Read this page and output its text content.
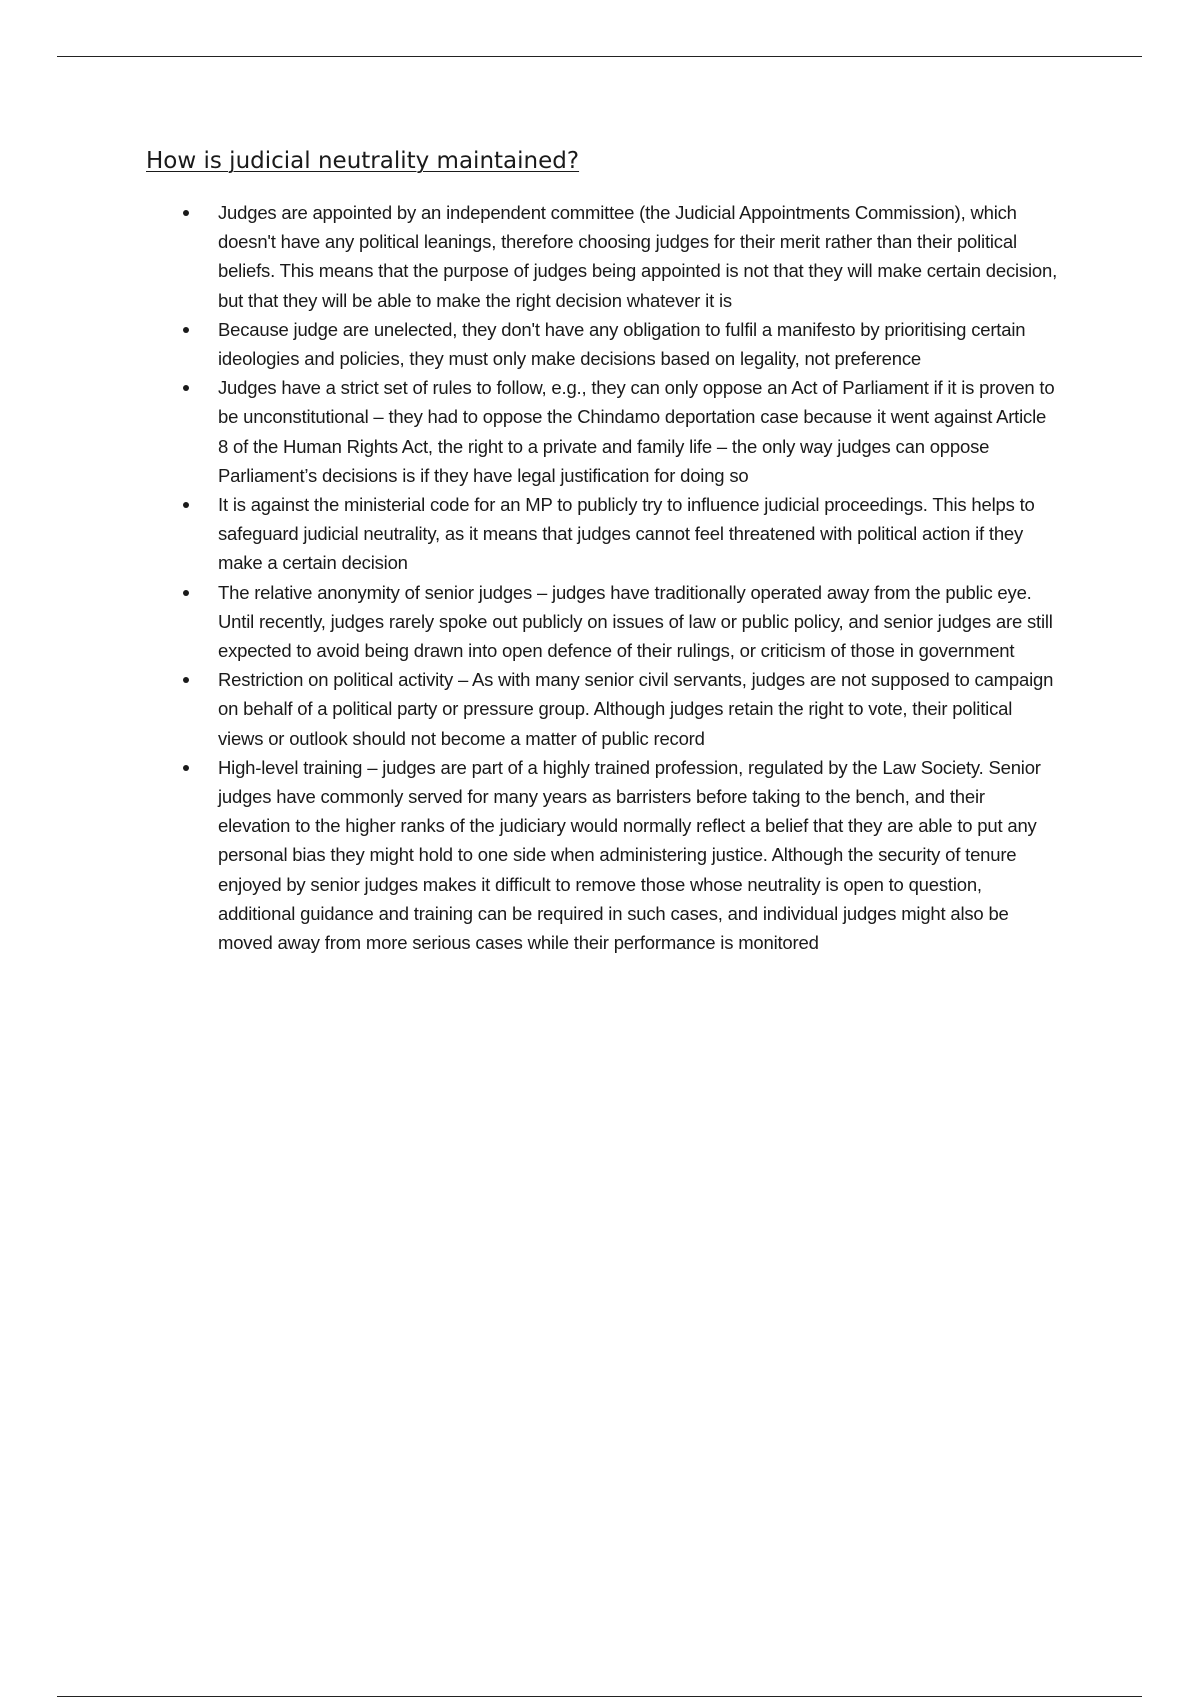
How is judicial neutrality maintained?
Judges are appointed by an independent committee (the Judicial Appointments Commission), which doesn't have any political leanings, therefore choosing judges for their merit rather than their political beliefs. This means that the purpose of judges being appointed is not that they will make certain decision, but that they will be able to make the right decision whatever it is
Because judge are unelected, they don't have any obligation to fulfil a manifesto by prioritising certain ideologies and policies, they must only make decisions based on legality, not preference
Judges have a strict set of rules to follow, e.g., they can only oppose an Act of Parliament if it is proven to be unconstitutional – they had to oppose the Chindamo deportation case because it went against Article 8 of the Human Rights Act, the right to a private and family life – the only way judges can oppose Parliament’s decisions is if they have legal justification for doing so
It is against the ministerial code for an MP to publicly try to influence judicial proceedings. This helps to safeguard judicial neutrality, as it means that judges cannot feel threatened with political action if they make a certain decision
The relative anonymity of senior judges – judges have traditionally operated away from the public eye. Until recently, judges rarely spoke out publicly on issues of law or public policy, and senior judges are still expected to avoid being drawn into open defence of their rulings, or criticism of those in government
Restriction on political activity – As with many senior civil servants, judges are not supposed to campaign on behalf of a political party or pressure group. Although judges retain the right to vote, their political views or outlook should not become a matter of public record
High-level training – judges are part of a highly trained profession, regulated by the Law Society. Senior judges have commonly served for many years as barristers before taking to the bench, and their elevation to the higher ranks of the judiciary would normally reflect a belief that they are able to put any personal bias they might hold to one side when administering justice. Although the security of tenure enjoyed by senior judges makes it difficult to remove those whose neutrality is open to question, additional guidance and training can be required in such cases, and individual judges might also be moved away from more serious cases while their performance is monitored
